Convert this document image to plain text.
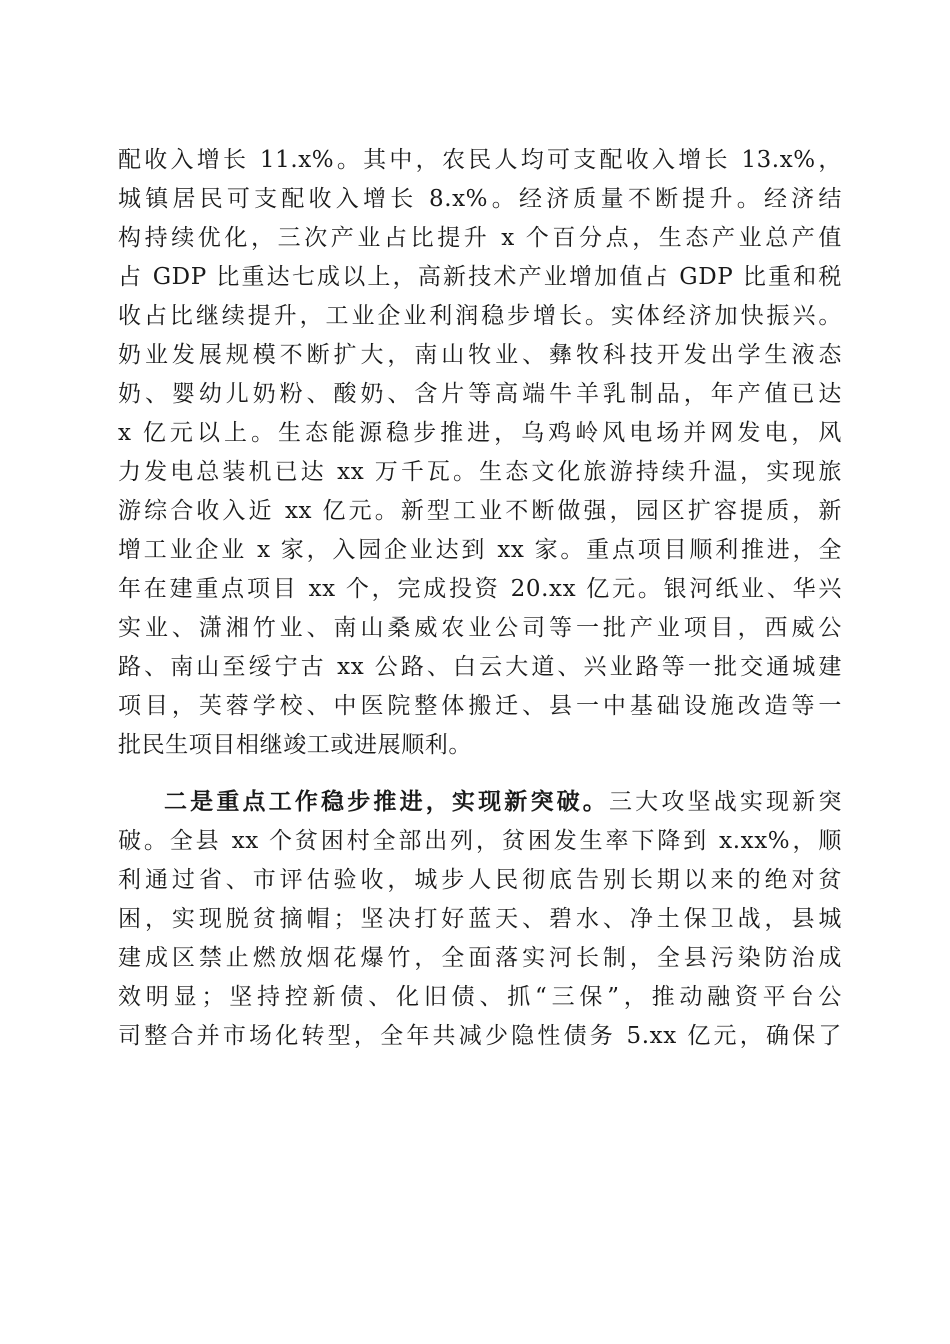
配收入增长 11.x%。其中，农民人均可支配收入增长 13.x%，
城镇居民可支配收入增长 8.x%。经济质量不断提升。经济结
构持续优化，三次产业占比提升 x 个百分点，生态产业总产值
占 GDP 比重达七成以上，高新技术产业增加值占 GDP 比重和税
收占比继续提升，工业企业利润稳步增长。实体经济加快振兴。
奶业发展规模不断扩大，南山牧业、彝牧科技开发出学生液态
奶、婴幼儿奶粉、酸奶、含片等高端牛羊乳制品，年产值已达
x 亿元以上。生态能源稳步推进，乌鸡岭风电场并网发电，风
力发电总装机已达 xx 万千瓦。生态文化旅游持续升温，实现旅
游综合收入近 xx 亿元。新型工业不断做强，园区扩容提质，新
增工业企业 x 家，入园企业达到 xx 家。重点项目顺利推进，全
年在建重点项目 xx 个，完成投资 20.xx 亿元。银河纸业、华兴
实业、潇湘竹业、南山桑威农业公司等一批产业项目，西威公
路、南山至绥宁古 xx 公路、白云大道、兴业路等一批交通城建
项目，芙蓉学校、中医院整体搬迁、县一中基础设施改造等一
批民生项目相继竣工或进展顺利。
二是重点工作稳步推进，实现新突破。三大攻坚战实现新突
破。全县 xx 个贫困村全部出列，贫困发生率下降到 x.xx%，顺
利通过省、市评估验收，城步人民彻底告别长期以来的绝对贫
困，实现脱贫摘帽；坚决打好蓝天、碧水、净土保卫战，县城
建成区禁止燃放烟花爆竹，全面落实河长制，全县污染防治成
效明显；坚持控新债、化旧债、抓“三保”，推动融资平台公
司整合并市场化转型，全年共减少隐性债务 5.xx 亿元，确保了
